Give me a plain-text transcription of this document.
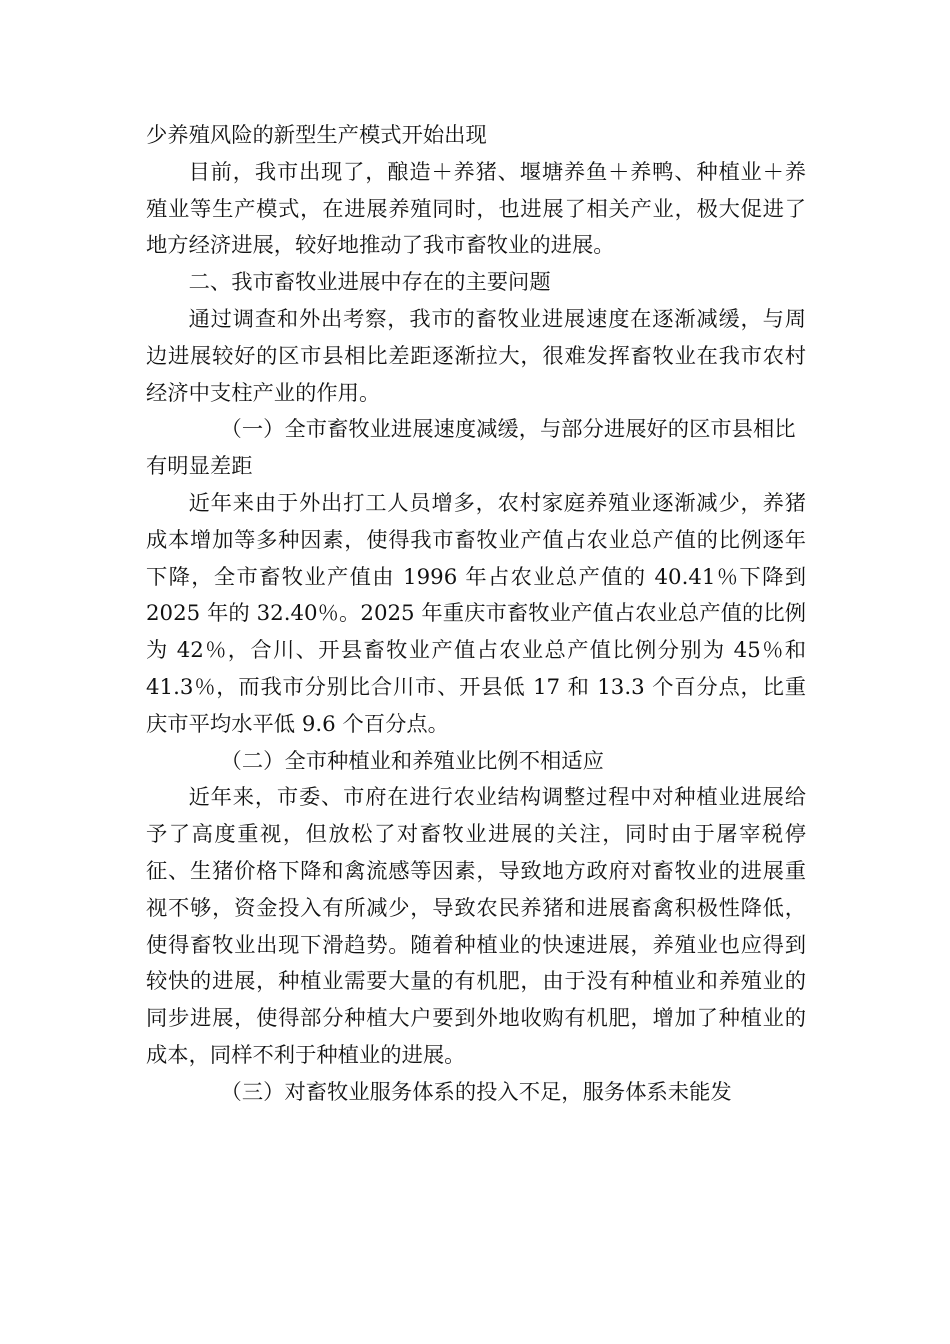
少养殖风险的新型生产模式开始出现

目前，我市出现了，酿造＋养猪、堰塘养鱼＋养鸭、种植业＋养殖业等生产模式，在进展养殖同时，也进展了相关产业，极大促进了地方经济进展，较好地推动了我市畜牧业的进展。

二、我市畜牧业进展中存在的主要问题

通过调查和外出考察，我市的畜牧业进展速度在逐渐减缓，与周边进展较好的区市县相比差距逐渐拉大，很难发挥畜牧业在我市农村经济中支柱产业的作用。

（一）全市畜牧业进展速度减缓，与部分进展好的区市县相比有明显差距

近年来由于外出打工人员增多，农村家庭养殖业逐渐减少，养猪成本增加等多种因素，使得我市畜牧业产值占农业总产值的比例逐年下降，全市畜牧业产值由 1996 年占农业总产值的 40.41％下降到 2025 年的 32.40％。2025 年重庆市畜牧业产值占农业总产值的比例为 42％，合川、开县畜牧业产值占农业总产值比例分别为 45％和 41.3％，而我市分别比合川市、开县低 17 和 13.3 个百分点，比重庆市平均水平低 9.6 个百分点。

（二）全市种植业和养殖业比例不相适应

近年来，市委、市府在进行农业结构调整过程中对种植业进展给予了高度重视，但放松了对畜牧业进展的关注，同时由于屠宰税停征、生猪价格下降和禽流感等因素，导致地方政府对畜牧业的进展重视不够，资金投入有所减少，导致农民养猪和进展畜禽积极性降低，使得畜牧业出现下滑趋势。随着种植业的快速进展，养殖业也应得到较快的进展，种植业需要大量的有机肥，由于没有种植业和养殖业的同步进展，使得部分种植大户要到外地收购有机肥，增加了种植业的成本，同样不利于种植业的进展。

（三）对畜牧业服务体系的投入不足，服务体系未能发
